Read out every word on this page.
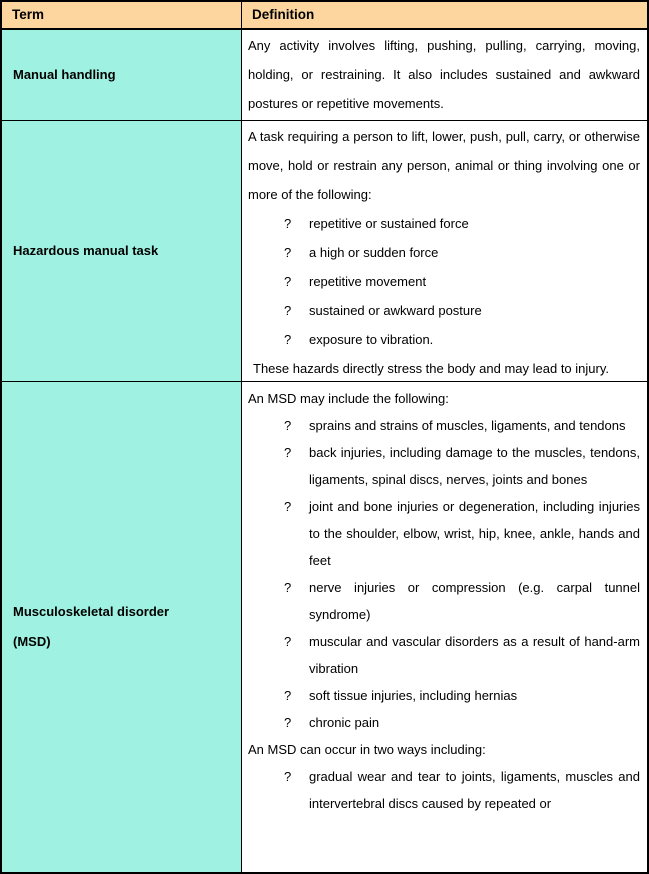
Term	Definition
Manual handling

Any activity involves lifting, pushing, pulling, carrying, moving, holding, or restraining. It also includes sustained and awkward postures or repetitive movements.

Hazardous manual task

A task requiring a person to lift, lower, push, pull, carry, or otherwise move, hold or restrain any person, animal or thing involving one or more of the following:

? repetitive or sustained force
? a high or sudden force
? repetitive movement
? sustained or awkward posture
? exposure to vibration.

These hazards directly stress the body and may lead to injury.

Musculoskeletal disorder
(MSD)

An MSD may include the following:

? sprains and strains of muscles, ligaments, and tendons
? back injuries, including damage to the muscles, tendons, ligaments, spinal discs, nerves, joints and bones
? joint and bone injuries or degeneration, including injuries to the shoulder, elbow, wrist, hip, knee, ankle, hands and feet
? nerve injuries or compression (e.g. carpal tunnel syndrome)
? muscular and vascular disorders as a result of hand-arm vibration
? soft tissue injuries, including hernias
? chronic pain

An MSD can occur in two ways including:

? gradual wear and tear to joints, ligaments, muscles and intervertebral discs caused by repeated or
